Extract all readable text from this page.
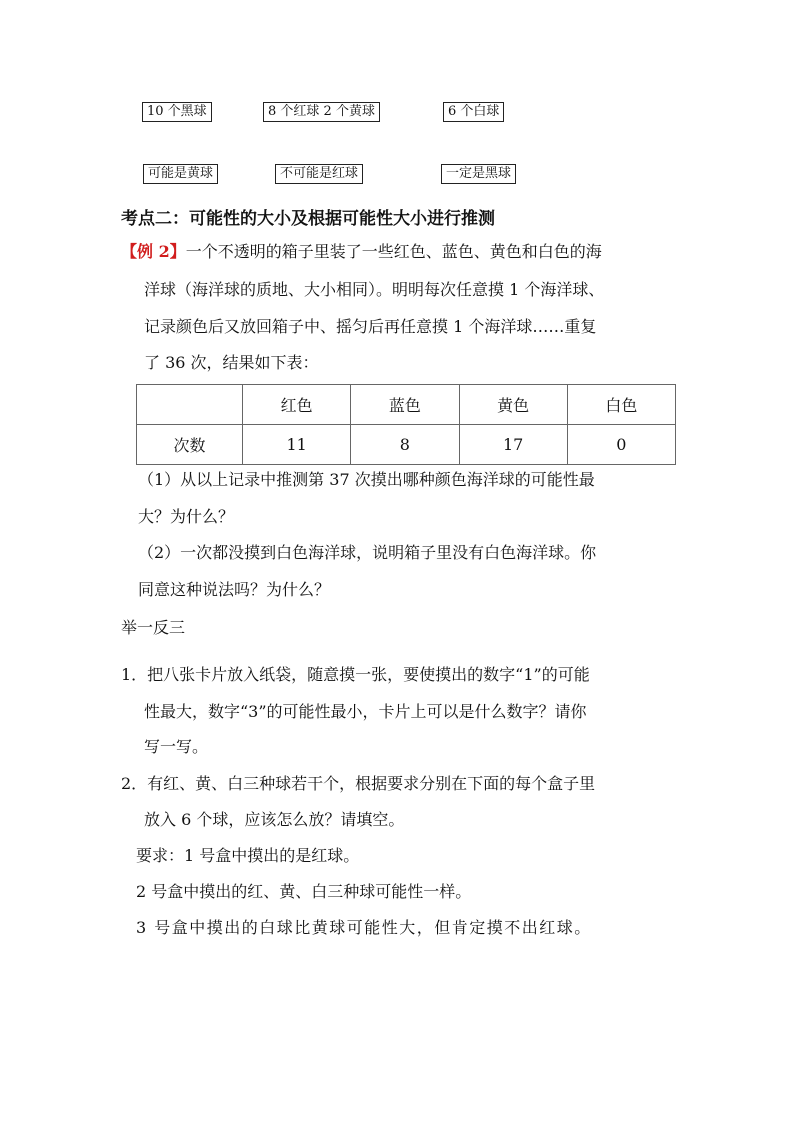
10 个黑球	8 个红球 2 个黄球	6 个白球
可能是黄球	不可能是红球	一定是黑球
考点二：可能性的大小及根据可能性大小进行推测
【例 2】一个不透明的箱子里装了一些红色、蓝色、黄色和白色的海
洋球（海洋球的质地、大小相同）。明明每次任意摸 1 个海洋球、
记录颜色后又放回箱子中、摇匀后再任意摸 1 个海洋球……重复
了 36 次，结果如下表：
	红色	蓝色	黄色	白色
次数	11	8	17	0
（1）从以上记录中推测第 37 次摸出哪种颜色海洋球的可能性最
大？为什么？
（2）一次都没摸到白色海洋球，说明箱子里没有白色海洋球。你
同意这种说法吗？为什么？
举一反三
1．把八张卡片放入纸袋，随意摸一张，要使摸出的数字“1”的可能
性最大，数字“3”的可能性最小，卡片上可以是什么数字？请你
写一写。
2．有红、黄、白三种球若干个，根据要求分别在下面的每个盒子里
放入 6 个球，应该怎么放？请填空。
要求：1 号盒中摸出的是红球。
2 号盒中摸出的红、黄、白三种球可能性一样。
3 号盒中摸出的白球比黄球可能性大，但肯定摸不出红球。
